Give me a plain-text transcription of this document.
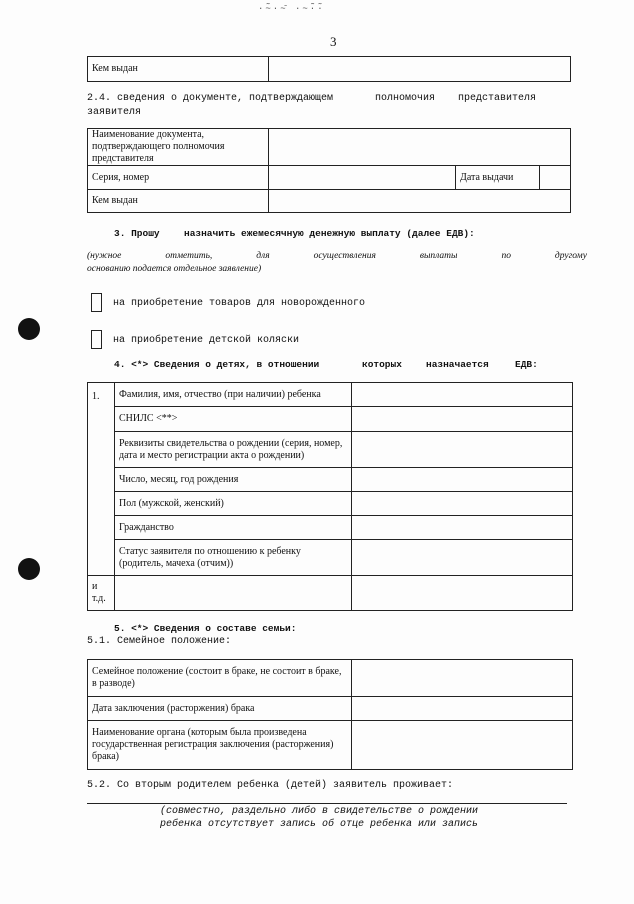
·~̃·~̄ ·~·̃·̃
3
Кем выдан
2.4. сведения о документе, подтверждающем	полномочия представителя
заявителя
Наименование документа, подтверждающего полномочия представителя
Серия, номер	Дата выдачи
Кем выдан
3. Прошу	назначить ежемесячную денежную выплату (далее ЕДВ):
(нужное	отметить,	для	осуществления	выплаты	по	другому
основанию подается отдельное заявление)
на приобретение товаров для новорожденного
на приобретение детской коляски
4. <*> Сведения о детях, в отношении	которых	назначается	ЕДВ:
1.	Фамилия, имя, отчество (при наличии) ребенка
СНИЛС <**>
Реквизиты свидетельства о рождении (серия, номер, дата и место регистрации акта о рождении)
Число, месяц, год рождения
Пол (мужской, женский)
Гражданство
Статус заявителя по отношению к ребенку (родитель, мачеха (отчим))
и
т.д.
5. <*> Сведения о составе семьи:
5.1. Семейное положение:
Семейное положение (состоит в браке, не состоит в браке, в разводе)
Дата заключения (расторжения) брака
Наименование органа (которым была произведена государственная регистрация заключения (расторжения) брака)
5.2. Со вторым родителем ребенка (детей) заявитель проживает:
(совместно, раздельно либо в свидетельстве о рождении
ребенка отсутствует запись об отце ребенка или запись
